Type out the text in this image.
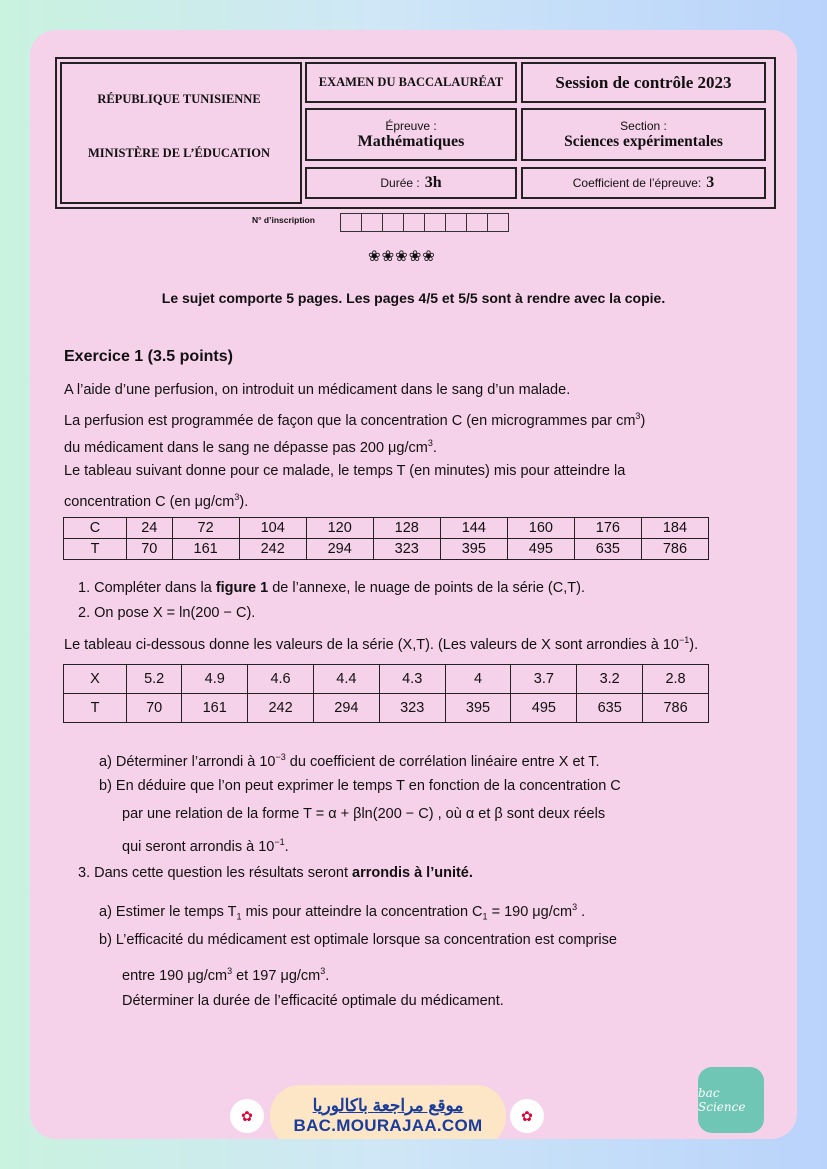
RÉPUBLIQUE TUNISIENNE
MINISTÈRE DE L’ÉDUCATION
EXAMEN DU BACCALAURÉAT	Session de contrôle 2023
Épreuve :
Mathématiques
Section :
Sciences expérimentales
Durée : 3h	Coefficient de l’épreuve: 3
N° d’inscription
❀❀❀❀❀
Le sujet comporte 5 pages. Les pages 4/5 et 5/5 sont à rendre avec la copie.
Exercice 1 (3.5 points)
A l’aide d’une perfusion, on introduit un médicament dans le sang d’un malade.
La perfusion est programmée de façon que la concentration C (en microgrammes par $cm^3$)
du médicament dans le sang ne dépasse pas 200 $\mu g/cm^3$.
Le tableau suivant donne pour ce malade, le temps T (en minutes) mis pour atteindre la
concentration C (en $\mu g/cm^3$).
C	24	72	104	120	128	144	160	176	184
T	70	161	242	294	323	395	495	635	786
1. Compléter dans la figure 1 de l’annexe, le nuage de points de la série (C,T).
2. On pose X = ln(200 − C).
Le tableau ci-dessous donne les valeurs de la série (X,T). (Les valeurs de X sont arrondies à $10^{-1}$).
X	5.2	4.9	4.6	4.4	4.3	4	3.7	3.2	2.8
T	70	161	242	294	323	395	495	635	786
a) Déterminer l’arrondi à $10^{-3}$ du coefficient de corrélation linéaire entre X et T.
b) En déduire que l’on peut exprimer le temps T en fonction de la concentration C
par une relation de la forme T = α + βln(200 − C) , où α et β sont deux réels
qui seront arrondis à $10^{-1}$.
3. Dans cette question les résultats seront arrondis à l’unité.
a) Estimer le temps $T_1$ mis pour atteindre la concentration $C_1 = 190$ $\mu g/cm^3$ .
b) L’efficacité du médicament est optimale lorsque sa concentration est comprise
entre 190 $\mu g/cm^3$ et 197 $\mu g/cm^3$.
Déterminer la durée de l’efficacité optimale du médicament.
موقع مراجعة باكالوريا
BAC.MOURAJAA.COM
✿	✿
bac Science
